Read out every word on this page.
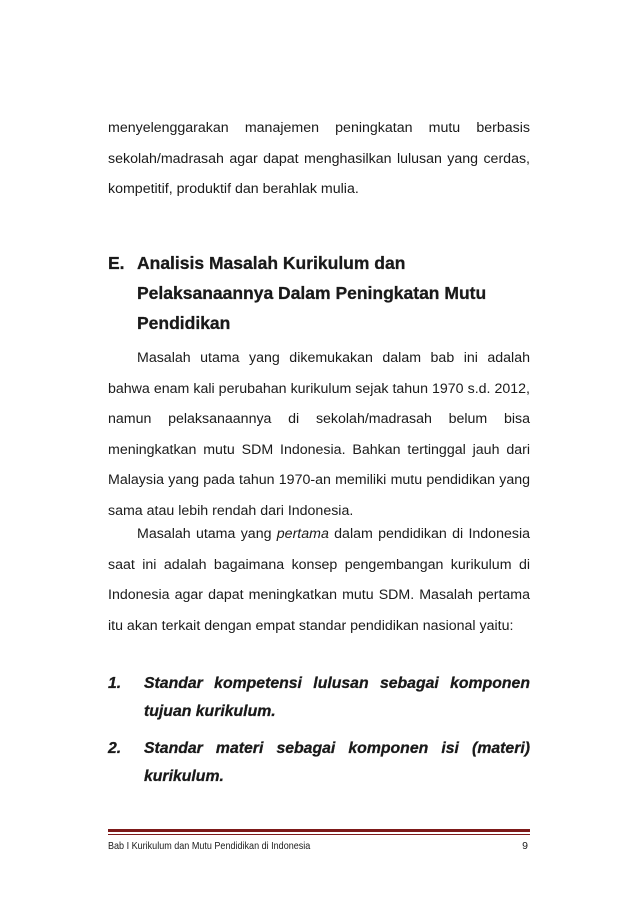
menyelenggarakan manajemen peningkatan mutu berbasis sekolah/madrasah agar dapat menghasilkan lulusan yang cerdas, kompetitif, produktif dan berahlak mulia.

E. Analisis Masalah Kurikulum dan
Pelaksanaannya Dalam Peningkatan Mutu
Pendidikan

Masalah utama yang dikemukakan dalam bab ini adalah bahwa enam kali perubahan kurikulum sejak tahun 1970 s.d. 2012, namun pelaksanaannya di sekolah/madrasah belum bisa meningkatkan mutu SDM Indonesia. Bahkan tertinggal jauh dari Malaysia yang pada tahun 1970-an memiliki mutu pendidikan yang sama atau lebih rendah dari Indonesia.

Masalah utama yang pertama dalam pendidikan di Indonesia saat ini adalah bagaimana konsep pengembangan kurikulum di Indonesia agar dapat meningkatkan mutu SDM. Masalah pertama itu akan terkait dengan empat standar pendidikan nasional yaitu:

1. Standar kompetensi lulusan sebagai komponen
tujuan kurikulum.
2. Standar materi sebagai komponen isi (materi)
kurikulum.
Bab I Kurikulum dan Mutu Pendidikan di Indonesia	9
